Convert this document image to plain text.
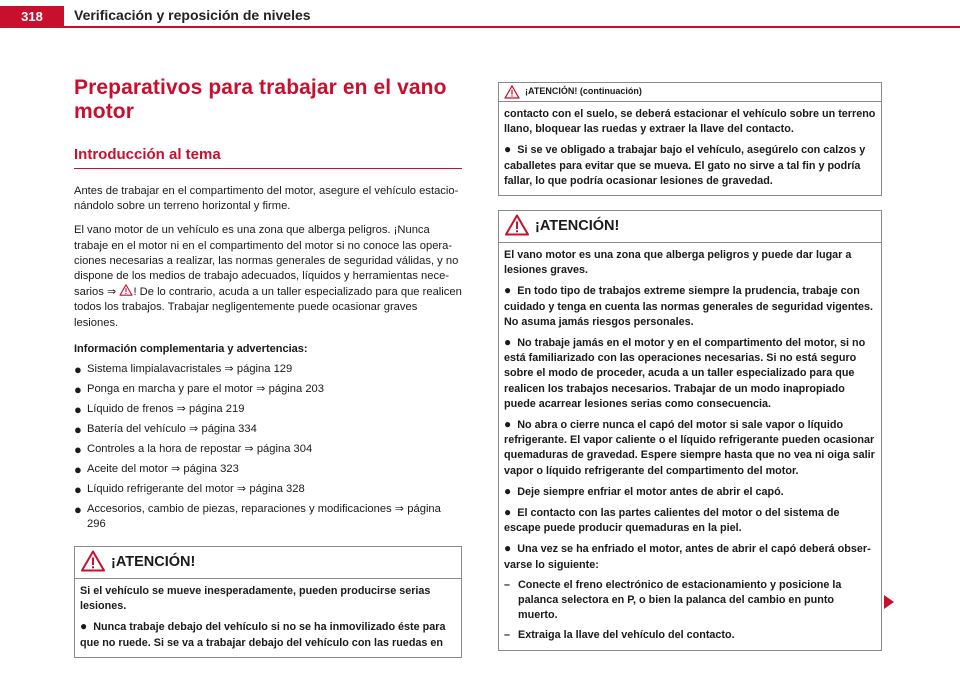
318	Verificación y reposición de niveles
Preparativos para trabajar en el vano motor
Introducción al tema

Antes de trabajar en el compartimento del motor, asegure el vehículo estacionándolo sobre un terreno horizontal y firme.

El vano motor de un vehículo es una zona que alberga peligros. ¡Nunca trabaje en el motor ni en el compartimento del motor si no conoce las operaciones necesarias a realizar, las normas generales de seguridad válidas, y no dispone de los medios de trabajo adecuados, líquidos y herramientas necesarios ⇒ ! De lo contrario, acuda a un taller especializado para que realicen todos los trabajos. Trabajar negligentemente puede ocasionar graves lesiones.

Información complementaria y advertencias:

● Sistema limpialavacristales ⇒ página 129
● Ponga en marcha y pare el motor ⇒ página 203
● Líquido de frenos ⇒ página 219
● Batería del vehículo ⇒ página 334
● Controles a la hora de repostar ⇒ página 304
● Aceite del motor ⇒ página 323
● Líquido refrigerante del motor ⇒ página 328
● Accesorios, cambio de piezas, reparaciones y modificaciones ⇒ página 296
¡ATENCIÓN!

Si el vehículo se mueve inesperadamente, pueden producirse serias lesiones.

● Nunca trabaje debajo del vehículo si no se ha inmovilizado éste para que no ruede. Si se va a trabajar debajo del vehículo con las ruedas en
¡ATENCIÓN! (continuación)

contacto con el suelo, se deberá estacionar el vehículo sobre un terreno llano, bloquear las ruedas y extraer la llave del contacto.

● Si se ve obligado a trabajar bajo el vehículo, asegúrelo con calzos y caballetes para evitar que se mueva. El gato no sirve a tal fin y podría fallar, lo que podría ocasionar lesiones de gravedad.
¡ATENCIÓN!

El vano motor es una zona que alberga peligros y puede dar lugar a lesiones graves.

● En todo tipo de trabajos extreme siempre la prudencia, trabaje con cuidado y tenga en cuenta las normas generales de seguridad vigentes. No asuma jamás riesgos personales.
● No trabaje jamás en el motor y en el compartimento del motor, si no está familiarizado con las operaciones necesarias. Si no está seguro sobre el modo de proceder, acuda a un taller especializado para que realicen los trabajos necesarios. Trabajar de un modo inapropiado puede acarrear lesiones serias como consecuencia.
● No abra o cierre nunca el capó del motor si sale vapor o líquido refrigerante. El vapor caliente o el líquido refrigerante pueden ocasionar quemaduras de gravedad. Espere siempre hasta que no vea ni oiga salir vapor o líquido refrigerante del compartimento del motor.
● Deje siempre enfriar el motor antes de abrir el capó.
● El contacto con las partes calientes del motor o del sistema de escape puede producir quemaduras en la piel.
● Una vez se ha enfriado el motor, antes de abrir el capó deberá observarse lo siguiente:
– Conecte el freno electrónico de estacionamiento y posicione la palanca selectora en P, o bien la palanca del cambio en punto muerto.
– Extraiga la llave del vehículo del contacto.
